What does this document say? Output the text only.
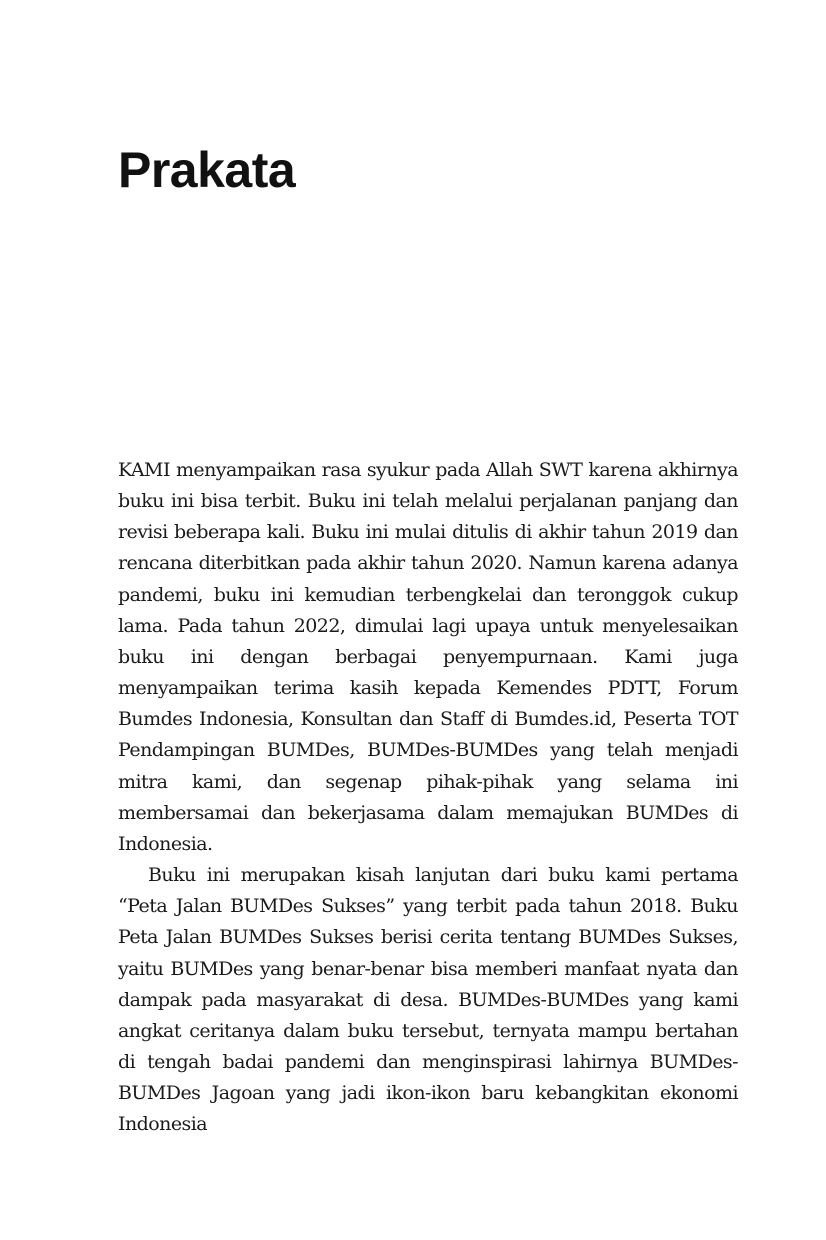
Prakata

KAMI menyampaikan rasa syukur pada Allah SWT karena akhirnya buku ini bisa terbit. Buku ini telah melalui perjalanan panjang dan revisi beberapa kali. Buku ini mulai ditulis di akhir tahun 2019 dan rencana diterbitkan pada akhir tahun 2020. Namun karena adanya pandemi, buku ini kemudian terbengkelai dan teronggok cukup lama. Pada tahun 2022, dimulai lagi upaya untuk menyelesaikan buku ini dengan berbagai penyempurnaan. Kami juga menyampaikan terima kasih kepada Kemendes PDTT, Forum Bumdes Indonesia, Konsultan dan Staff di Bumdes.id, Peserta TOT Pendampingan BUMDes, BUMDes-BUMDes yang telah menjadi mitra kami, dan segenap pihak-pihak yang selama ini membersamai dan bekerjasama dalam memajukan BUMDes di Indonesia.

Buku ini merupakan kisah lanjutan dari buku kami pertama “Peta Jalan BUMDes Sukses” yang terbit pada tahun 2018. Buku Peta Jalan BUMDes Sukses berisi cerita tentang BUMDes Sukses, yaitu BUMDes yang benar-benar bisa memberi manfaat nyata dan dampak pada masyarakat di desa. BUMDes-BUMDes yang kami angkat ceritanya dalam buku tersebut, ternyata mampu bertahan di tengah badai pandemi dan menginspirasi lahirnya BUMDes-BUMDes Jagoan yang jadi ikon-ikon baru kebangkitan ekonomi Indonesia
